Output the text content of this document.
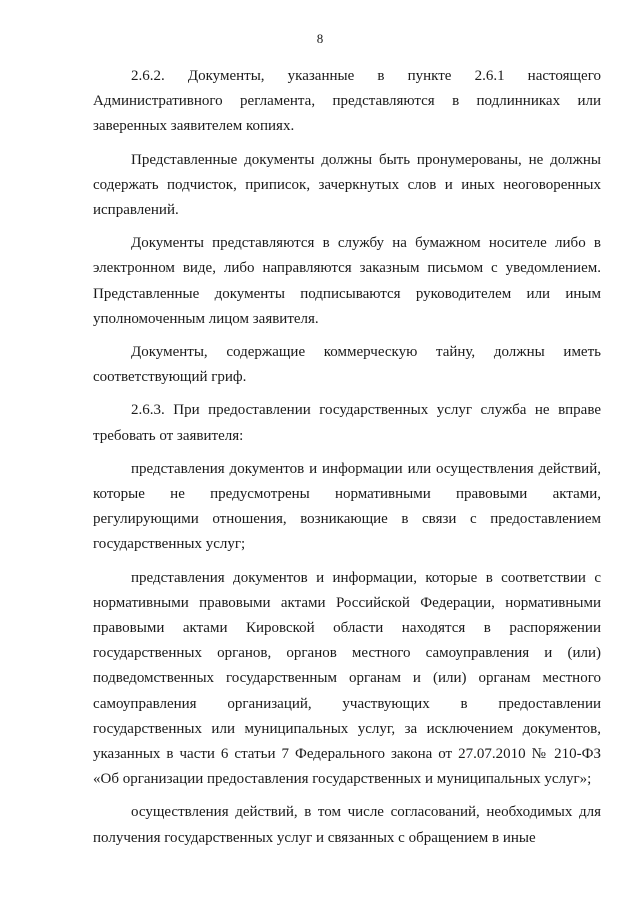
8

2.6.2. Документы, указанные в пункте 2.6.1 настоящего Административного регламента, представляются в подлинниках или заверенных заявителем копиях.

Представленные документы должны быть пронумерованы, не должны содержать подчисток, приписок, зачеркнутых слов и иных неоговоренных исправлений.

Документы представляются в службу на бумажном носителе либо в электронном виде, либо направляются заказным письмом с уведомлением. Представленные документы подписываются руководителем или иным уполномоченным лицом заявителя.

Документы, содержащие коммерческую тайну, должны иметь соответствующий гриф.

2.6.3. При предоставлении государственных услуг служба не вправе требовать от заявителя:

представления документов и информации или осуществления действий, которые не предусмотрены нормативными правовыми актами, регулирующими отношения, возникающие в связи с предоставлением государственных услуг;

представления документов и информации, которые в соответствии с нормативными правовыми актами Российской Федерации, нормативными правовыми актами Кировской области находятся в распоряжении государственных органов, органов местного самоуправления и (или) подведомственных государственным органам и (или) органам местного самоуправления организаций, участвующих в предоставлении государственных или муниципальных услуг, за исключением документов, указанных в части 6 статьи 7 Федерального закона от 27.07.2010 № 210-ФЗ «Об организации предоставления государственных и муниципальных услуг»;

осуществления действий, в том числе согласований, необходимых для получения государственных услуг и связанных с обращением в иные
